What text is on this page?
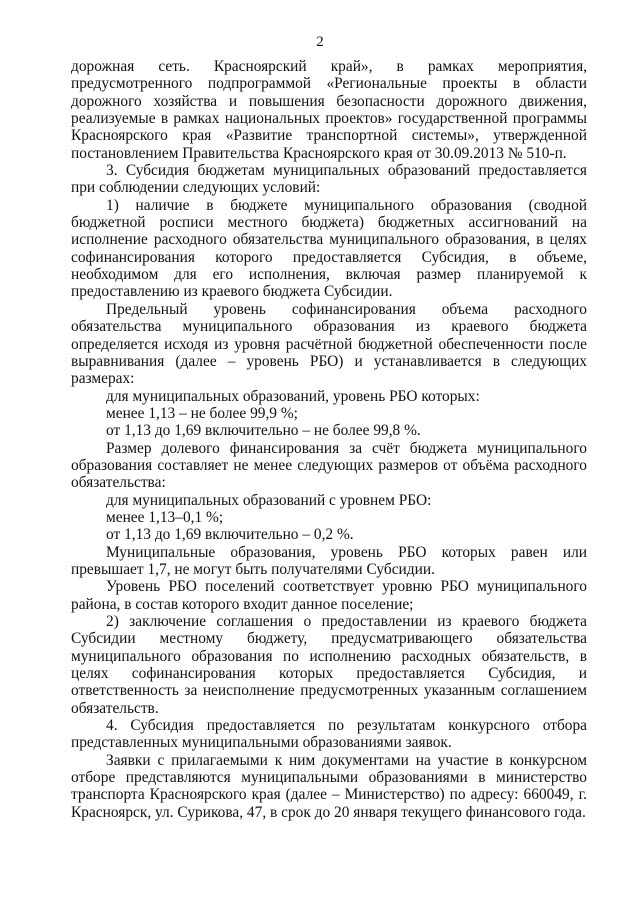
2

дорожная сеть. Красноярский край», в рамках мероприятия, предусмотренного подпрограммой «Региональные проекты в области дорожного хозяйства и повышения безопасности дорожного движения, реализуемые в рамках национальных проектов» государственной программы Красноярского края «Развитие транспортной системы», утвержденной постановлением Правительства Красноярского края от 30.09.2013 № 510-п.

3. Субсидия бюджетам муниципальных образований предоставляется при соблюдении следующих условий:

1) наличие в бюджете муниципального образования (сводной бюджетной росписи местного бюджета) бюджетных ассигнований на исполнение расходного обязательства муниципального образования, в целях софинансирования которого предоставляется Субсидия, в объеме, необходимом для его исполнения, включая размер планируемой к предоставлению из краевого бюджета Субсидии.

Предельный уровень софинансирования объема расходного обязательства муниципального образования из краевого бюджета определяется исходя из уровня расчётной бюджетной обеспеченности после выравнивания (далее – уровень РБО) и устанавливается в следующих размерах:

для муниципальных образований, уровень РБО которых:

менее 1,13 – не более 99,9 %;

от 1,13 до 1,69 включительно – не более 99,8 %.

Размер долевого финансирования за счёт бюджета муниципального образования составляет не менее следующих размеров от объёма расходного обязательства:

для муниципальных образований с уровнем РБО:

менее 1,13–0,1 %;

от 1,13 до 1,69 включительно – 0,2 %.

Муниципальные образования, уровень РБО которых равен или превышает 1,7, не могут быть получателями Субсидии.

Уровень РБО поселений соответствует уровню РБО муниципального района, в состав которого входит данное поселение;

2) заключение соглашения о предоставлении из краевого бюджета Субсидии местному бюджету, предусматривающего обязательства муниципального образования по исполнению расходных обязательств, в целях софинансирования которых предоставляется Субсидия, и ответственность за неисполнение предусмотренных указанным соглашением обязательств.

4. Субсидия предоставляется по результатам конкурсного отбора представленных муниципальными образованиями заявок.

Заявки с прилагаемыми к ним документами на участие в конкурсном отборе представляются муниципальными образованиями в министерство транспорта Красноярского края (далее – Министерство) по адресу: 660049, г. Красноярск, ул. Сурикова, 47, в срок до 20 января текущего финансового года.
